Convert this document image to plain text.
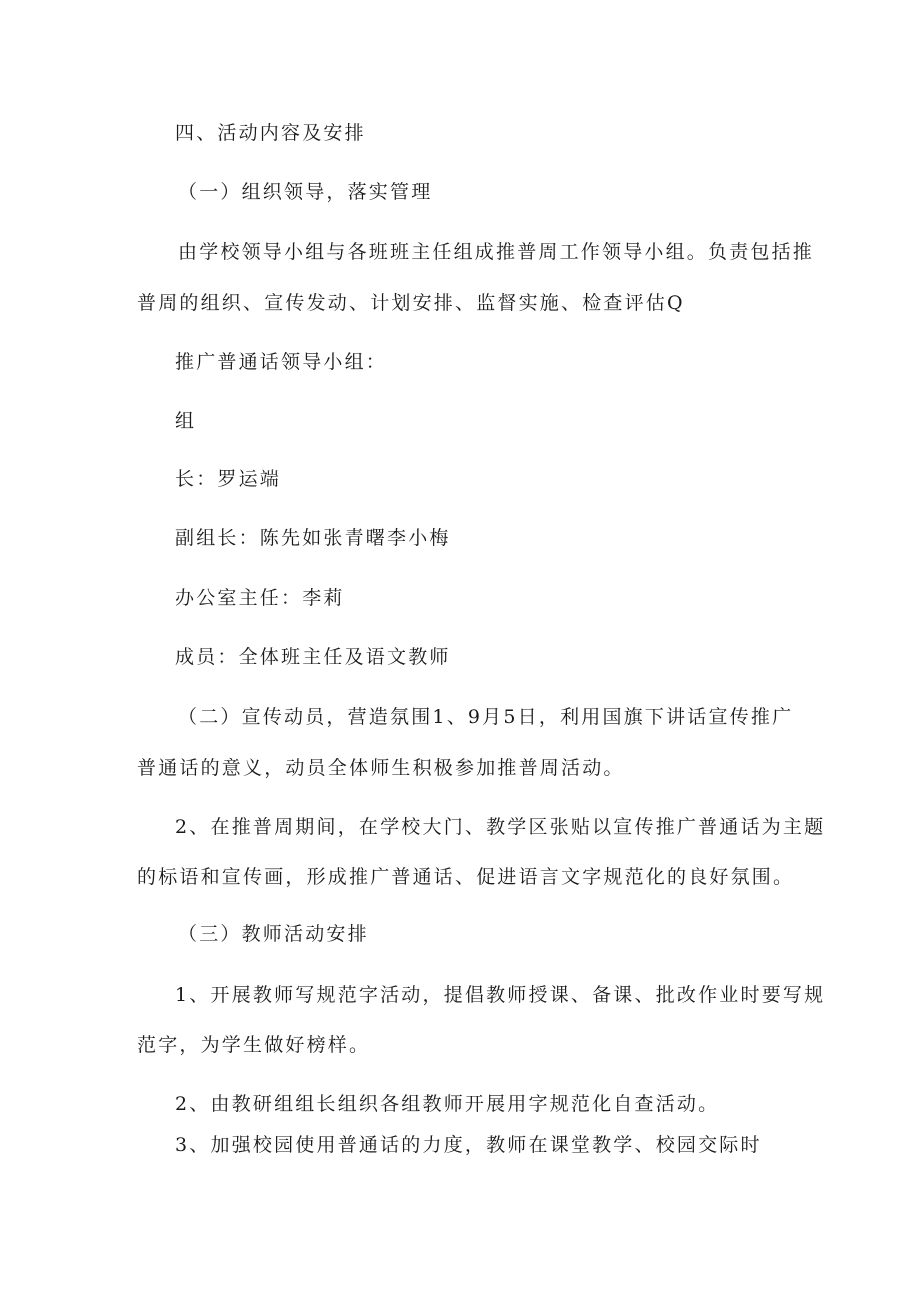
四、活动内容及安排

（一）组织领导，落实管理

由学校领导小组与各班班主任组成推普周工作领导小组。负责包括推

普周的组织、宣传发动、计划安排、监督实施、检查评估Q

推广普通话领导小组：

组

长：罗运端

副组长：陈先如张青曙李小梅

办公室主任：李莉

成员：全体班主任及语文教师

（二）宣传动员，营造氛围1、9月5日，利用国旗下讲话宣传推广

普通话的意义，动员全体师生积极参加推普周活动。

2、在推普周期间，在学校大门、教学区张贴以宣传推广普通话为主题

的标语和宣传画，形成推广普通话、促进语言文字规范化的良好氛围。

（三）教师活动安排

1、开展教师写规范字活动，提倡教师授课、备课、批改作业时要写规

范字，为学生做好榜样。

2、由教研组组长组织各组教师开展用字规范化自查活动。

3、加强校园使用普通话的力度，教师在课堂教学、校园交际时
